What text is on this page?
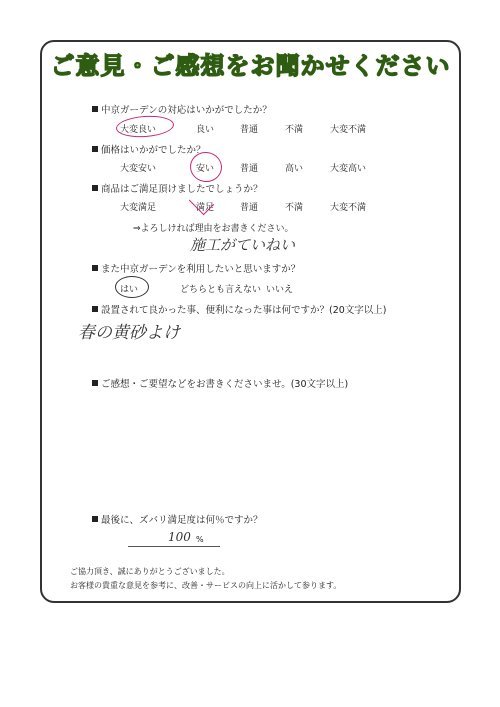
ご意見・ご感想をお聞かせください
中京ガーデンの対応はいかがでしたか？
大変良い	良い	普通	不満	大変不満
価格はいかがでしたか？
大変安い	安い	普通	高い	大変高い
商品はご満足頂けましたでしょうか？
大変満足	満足	普通	不満	大変不満
⇒よろしければ理由をお書きください。
施工がていねい
また中京ガーデンを利用したいと思いますか？
はい	どちらとも言えない いいえ
設置されて良かった事、便利になった事は何ですか？(20文字以上)
春の黄砂よけ
ご感想・ご要望などをお書きくださいませ。(30文字以上)
最後に、ズバリ満足度は何％ですか？
100 %
ご協力頂き、誠にありがとうございました。
お客様の貴重な意見を参考に、改善・サービスの向上に活かして参ります。
